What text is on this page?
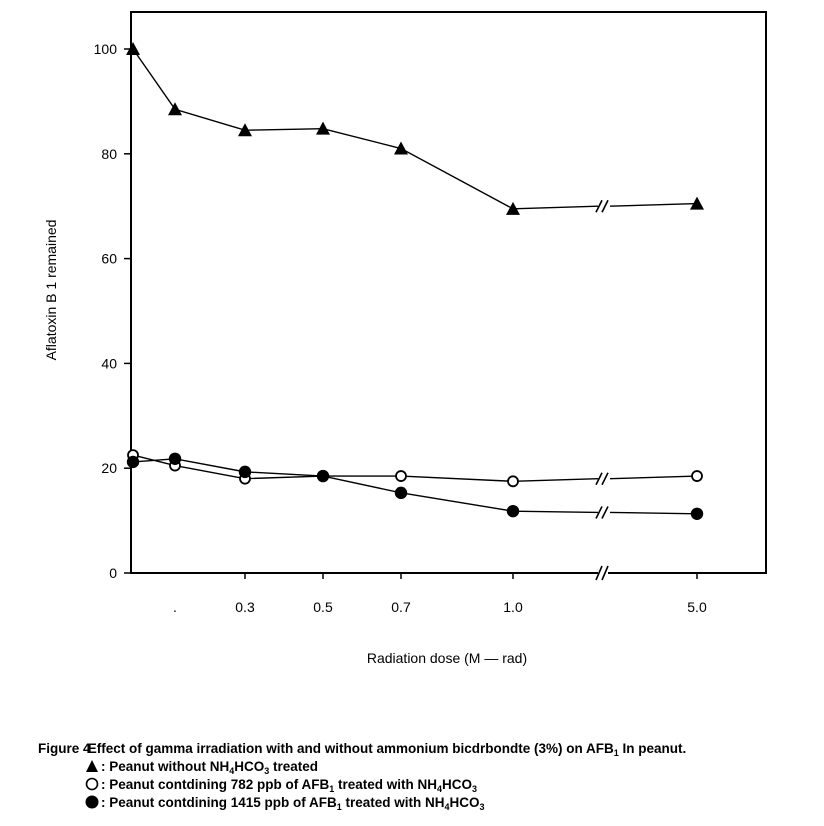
0
20
40
60
80
100
.	0.3	0.5	0.7	1.0	5.0
Aflatoxin B 1 remained
Radiation dose (M — rad)
Figure 4 Effect of gamma irradiation with and without ammonium bicdrbondte (3%) on $AFB_1$ In peanut.
: Peanut without $NH_4HCO_3$ treated
: Peanut contdining 782 ppb of $AFB_1$ treated with $NH_4HCO_3$
: Peanut contdining 1415 ppb of $AFB_1$ treated with $NH_4HCO_3$
